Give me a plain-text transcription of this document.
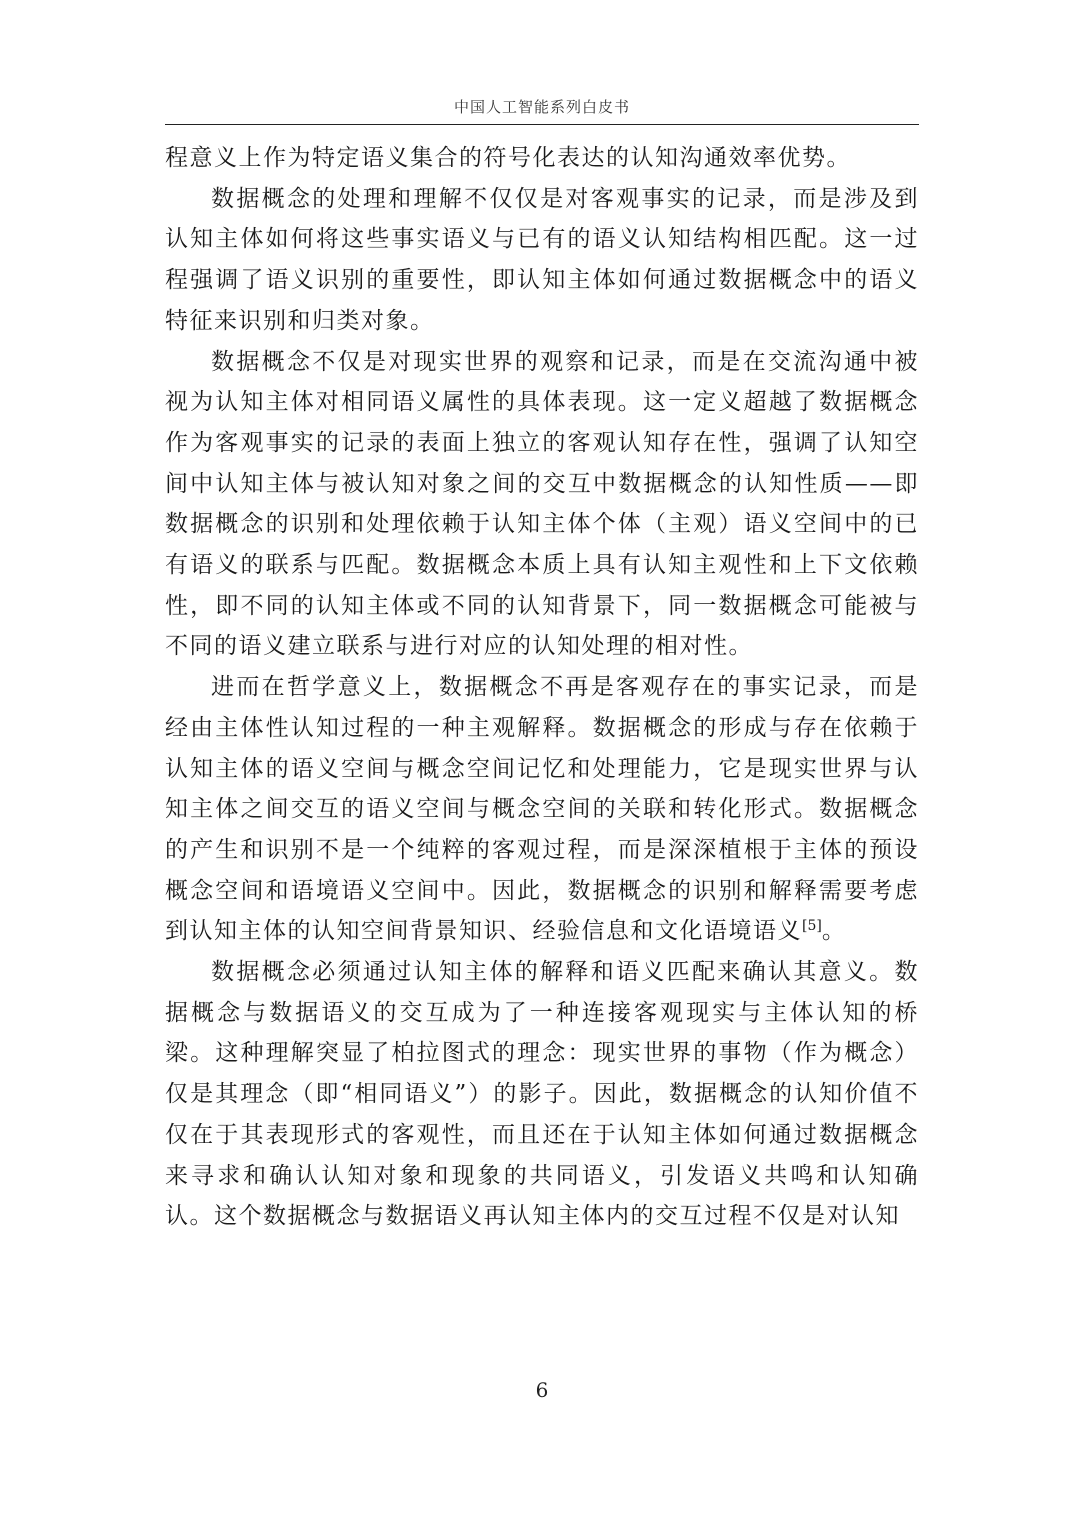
中国人工智能系列白皮书

程意义上作为特定语义集合的符号化表达的认知沟通效率优势。

数据概念的处理和理解不仅仅是对客观事实的记录，而是涉及到认知主体如何将这些事实语义与已有的语义认知结构相匹配。这一过程强调了语义识别的重要性，即认知主体如何通过数据概念中的语义特征来识别和归类对象。

数据概念不仅是对现实世界的观察和记录，而是在交流沟通中被视为认知主体对相同语义属性的具体表现。这一定义超越了数据概念作为客观事实的记录的表面上独立的客观认知存在性，强调了认知空间中认知主体与被认知对象之间的交互中数据概念的认知性质——即数据概念的识别和处理依赖于认知主体个体（主观）语义空间中的已有语义的联系与匹配。数据概念本质上具有认知主观性和上下文依赖性，即不同的认知主体或不同的认知背景下，同一数据概念可能被与不同的语义建立联系与进行对应的认知处理的相对性。

进而在哲学意义上，数据概念不再是客观存在的事实记录，而是经由主体性认知过程的一种主观解释。数据概念的形成与存在依赖于认知主体的语义空间与概念空间记忆和处理能力，它是现实世界与认知主体之间交互的语义空间与概念空间的关联和转化形式。数据概念的产生和识别不是一个纯粹的客观过程，而是深深植根于主体的预设概念空间和语境语义空间中。因此，数据概念的识别和解释需要考虑到认知主体的认知空间背景知识、经验信息和文化语境语义[5]。

数据概念必须通过认知主体的解释和语义匹配来确认其意义。数据概念与数据语义的交互成为了一种连接客观现实与主体认知的桥梁。这种理解突显了柏拉图式的理念：现实世界的事物（作为概念）仅是其理念（即“相同语义”）的影子。因此，数据概念的认知价值不仅在于其表现形式的客观性，而且还在于认知主体如何通过数据概念来寻求和确认认知对象和现象的共同语义，引发语义共鸣和认知确认。这个数据概念与数据语义再认知主体内的交互过程不仅是对认知

6
